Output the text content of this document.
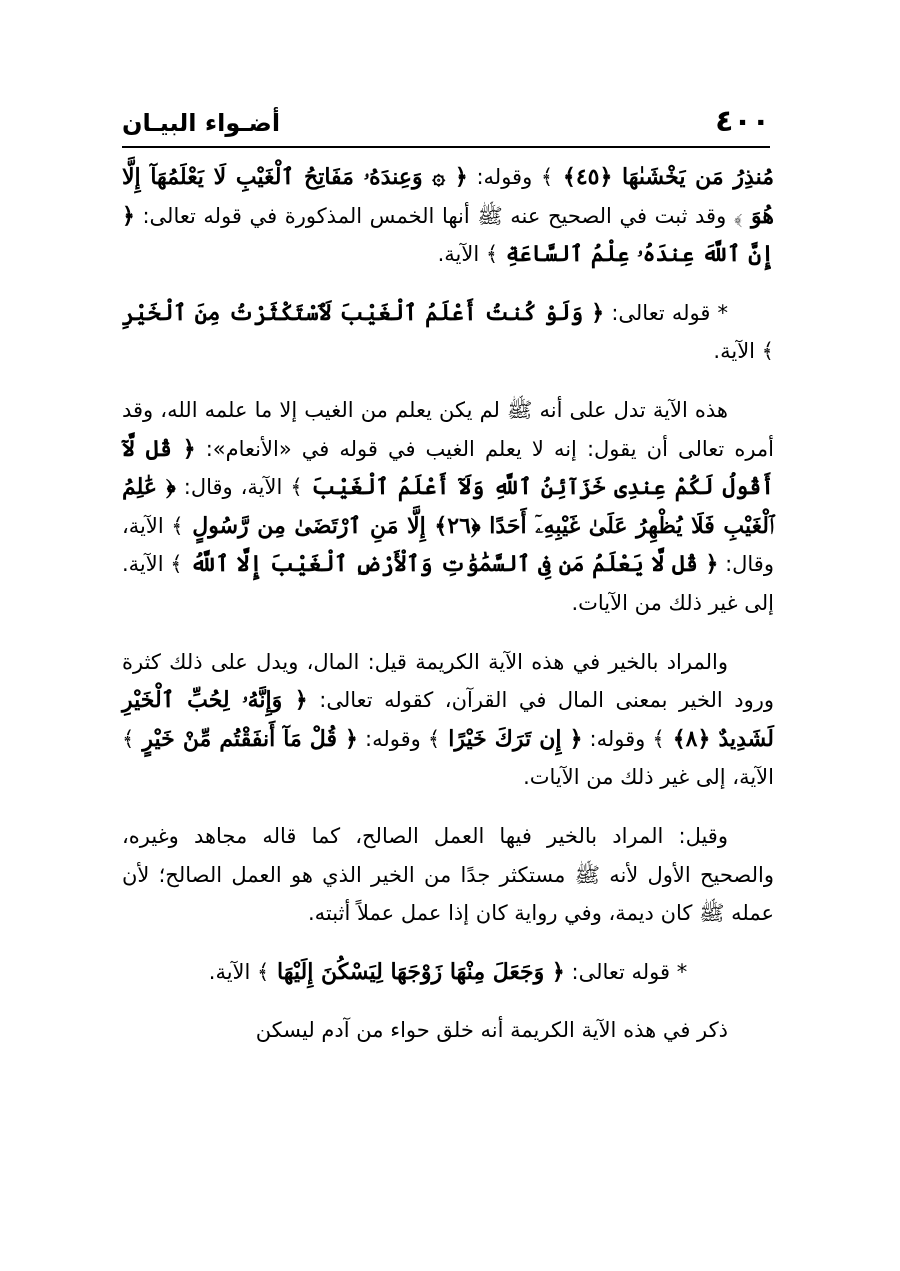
٤٠٠
أضـواء البيـان

مُنذِرُ مَن يَخْشَىٰهَا ﴿٤٥﴾ ﴾ وقوله: ﴿ ۞ وَعِندَهُۥ مَفَاتِحُ ٱلْغَيْبِ لَا يَعْلَمُهَآ إِلَّا هُوَ ﴾ وقد ثبت في الصحيح عنه ﷺ أنها الخمس المذكورة في قوله تعالى: ﴿ إِنَّ ٱللَّهَ عِندَهُۥ عِلْمُ ٱلسَّاعَةِ ﴾ الآية.

* قوله تعالى: ﴿ وَلَوْ كُنتُ أَعْلَمُ ٱلْغَيْبَ لَٱسْتَكْثَرْتُ مِنَ ٱلْخَيْرِ ﴾ الآية.

هذه الآية تدل على أنه ﷺ لم يكن يعلم من الغيب إلا ما علمه الله، وقد أمره تعالى أن يقول: إنه لا يعلم الغيب في قوله في «الأنعام»: ﴿ قُل لَّآ أَقُولُ لَكُمْ عِندِى خَزَآئِنُ ٱللَّهِ وَلَآ أَعْلَمُ ٱلْغَيْبَ ﴾ الآية، وقال: ﴿ عَٰلِمُ ٱلْغَيْبِ فَلَا يُظْهِرُ عَلَىٰ غَيْبِهِۦٓ أَحَدًا ﴿٢٦﴾ إِلَّا مَنِ ٱرْتَضَىٰ مِن رَّسُولٍ ﴾ الآية، وقال: ﴿ قُل لَّا يَعْلَمُ مَن فِى ٱلسَّمَٰوَٰتِ وَٱلْأَرْضِ ٱلْغَيْبَ إِلَّا ٱللَّهُ ﴾ الآية. إلى غير ذلك من الآيات.

والمراد بالخير في هذه الآية الكريمة قيل: المال، ويدل على ذلك كثرة ورود الخير بمعنى المال في القرآن، كقوله تعالى: ﴿ وَإِنَّهُۥ لِحُبِّ ٱلْخَيْرِ لَشَدِيدٌ ﴿٨﴾ ﴾ وقوله: ﴿ إِن تَرَكَ خَيْرًا ﴾ وقوله: ﴿ قُلْ مَآ أَنفَقْتُم مِّنْ خَيْرٍ ﴾ الآية، إلى غير ذلك من الآيات.

وقيل: المراد بالخير فيها العمل الصالح، كما قاله مجاهد وغيره، والصحيح الأول لأنه ﷺ مستكثر جدًا من الخير الذي هو العمل الصالح؛ لأن عمله ﷺ كان ديمة، وفي رواية كان إذا عمل عملاً أثبته.

* قوله تعالى: ﴿ وَجَعَلَ مِنْهَا زَوْجَهَا لِيَسْكُنَ إِلَيْهَا ﴾ الآية.

ذكر في هذه الآية الكريمة أنه خلق حواء من آدم ليسكن
